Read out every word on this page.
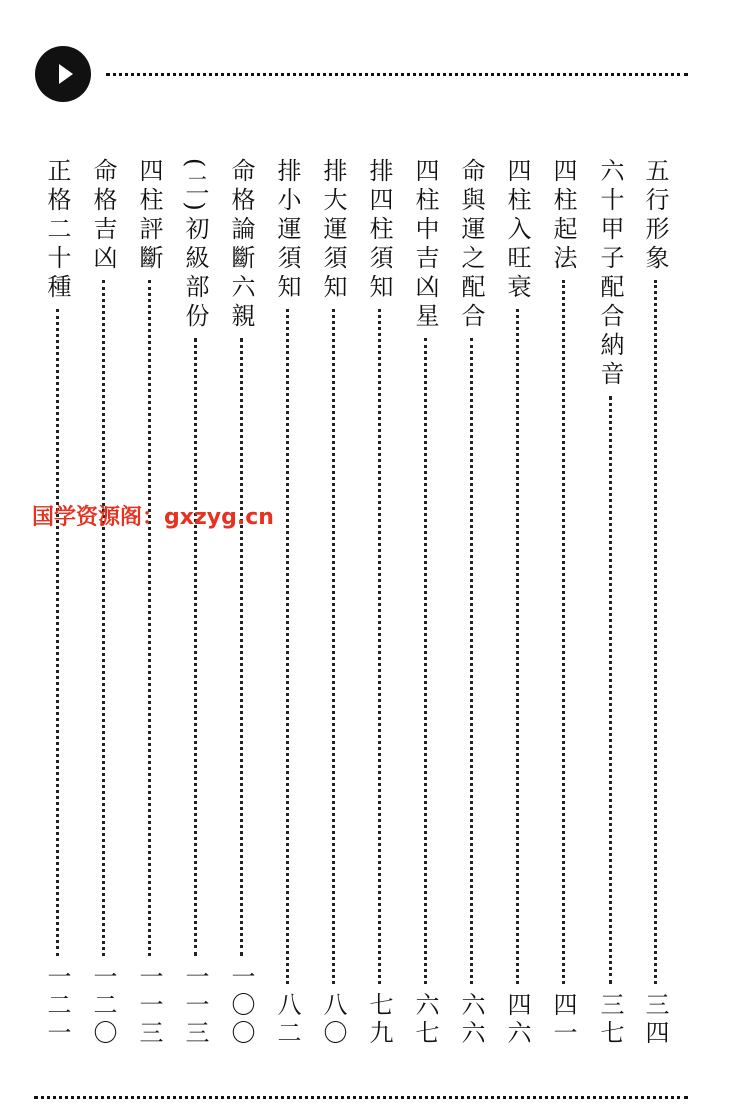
五行形象
三四
六十甲子配合納音
三七
四柱起法
四一
四柱入旺衰
四六
命與運之配合
六六
四柱中吉凶星
六七
排四柱須知
七九
排大運須知
八〇
排小運須知
八二
命格論斷六親
一〇〇
(二)初級部份
一一三
四柱評斷
一一三
命格吉凶
一二〇
正格二十種
一二一
国学资源阁：gxzyg.cn
